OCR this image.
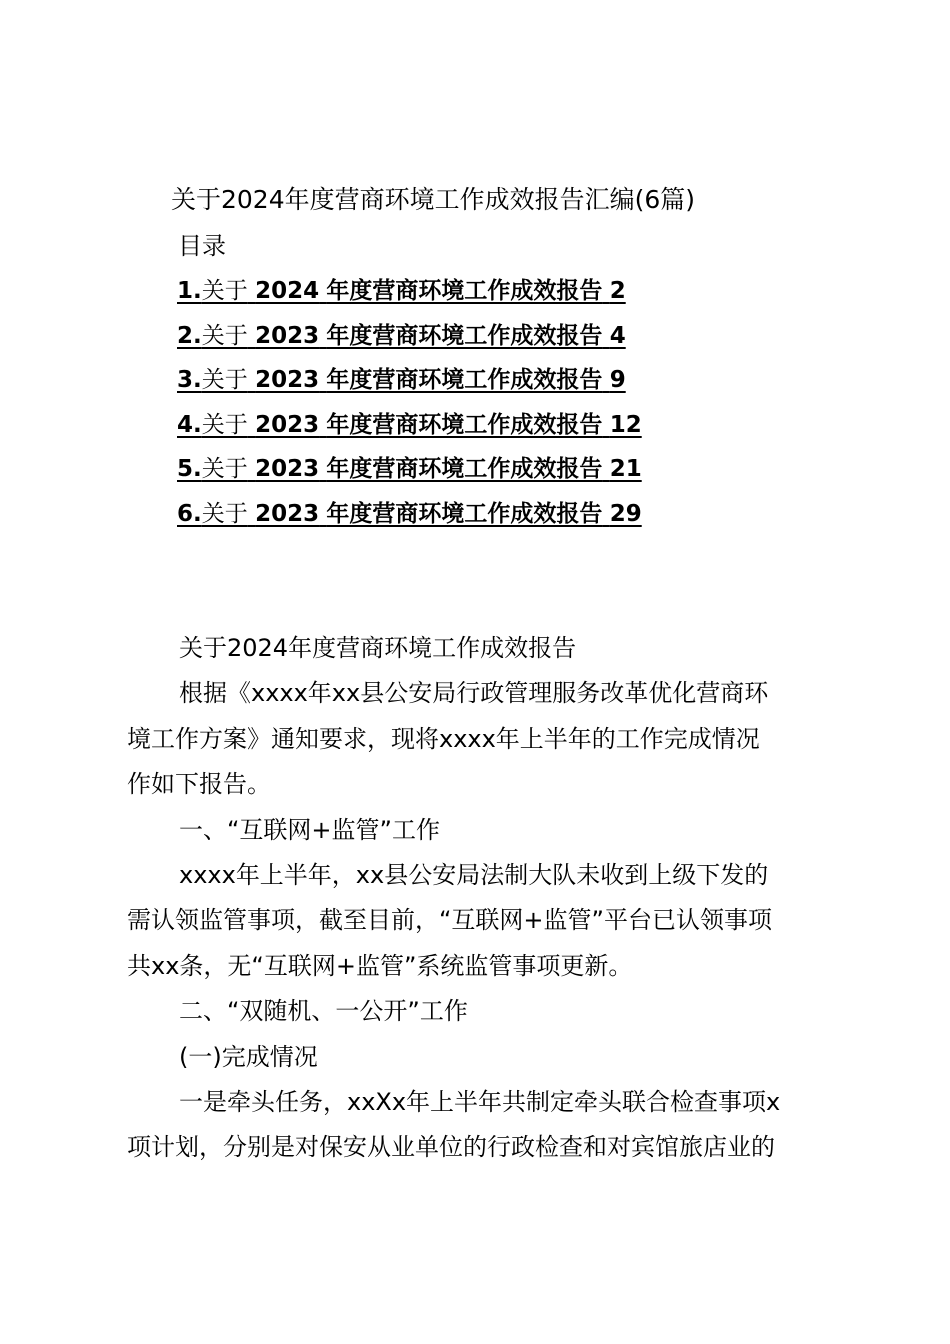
关于2024年度营商环境工作成效报告汇编(6篇)
目录
1.关于 2024 年度营商环境工作成效报告 2
2.关于 2023 年度营商环境工作成效报告 4
3.关于 2023 年度营商环境工作成效报告 9
4.关于 2023 年度营商环境工作成效报告 12
5.关于 2023 年度营商环境工作成效报告 21
6.关于 2023 年度营商环境工作成效报告 29
关于2024年度营商环境工作成效报告
根据《xxxx年xx县公安局行政管理服务改革优化营商环
境工作方案》通知要求，现将xxxx年上半年的工作完成情况
作如下报告。
一、“互联网+监管”工作
xxxx年上半年，xx县公安局法制大队未收到上级下发的
需认领监管事项，截至目前，“互联网+监管”平台已认领事项
共xx条，无“互联网+监管”系统监管事项更新。
二、“双随机、一公开”工作
(一)完成情况
一是牵头任务，xxXx年上半年共制定牵头联合检查事项x
项计划，分别是对保安从业单位的行政检查和对宾馆旅店业的
